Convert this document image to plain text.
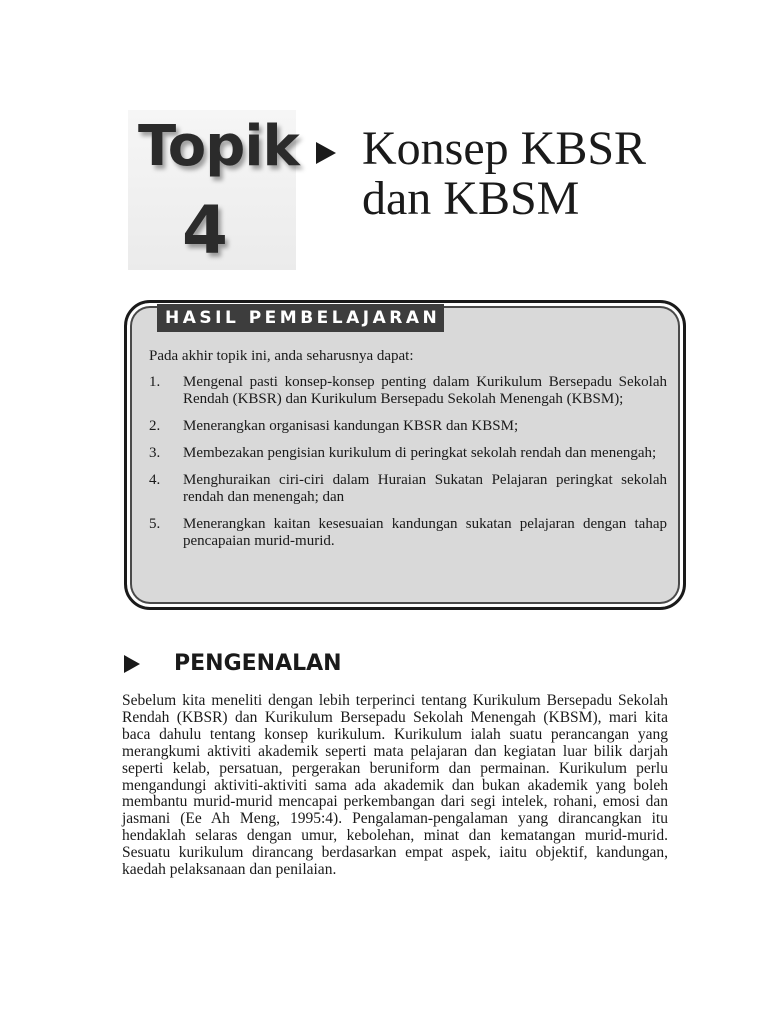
Topik
4
Konsep KBSR
dan KBSM
HASIL PEMBELAJARAN
Pada akhir topik ini, anda seharusnya dapat:
1.	Mengenal pasti konsep-konsep penting dalam Kurikulum Bersepadu Sekolah Rendah (KBSR) dan Kurikulum Bersepadu Sekolah Menengah (KBSM);
2.	Menerangkan organisasi kandungan KBSR dan KBSM;
3.	Membezakan pengisian kurikulum di peringkat sekolah rendah dan menengah;
4.	Menghuraikan ciri-ciri dalam Huraian Sukatan Pelajaran peringkat sekolah rendah dan menengah; dan
5.	Menerangkan kaitan kesesuaian kandungan sukatan pelajaran dengan tahap pencapaian murid-murid.
PENGENALAN
Sebelum kita meneliti dengan lebih terperinci tentang Kurikulum Bersepadu Sekolah Rendah (KBSR) dan Kurikulum Bersepadu Sekolah Menengah (KBSM), mari kita baca dahulu tentang konsep kurikulum. Kurikulum ialah suatu perancangan yang merangkumi aktiviti akademik seperti mata pelajaran dan kegiatan luar bilik darjah seperti kelab, persatuan, pergerakan beruniform dan permainan. Kurikulum perlu mengandungi aktiviti-aktiviti sama ada akademik dan bukan akademik yang boleh membantu murid-murid mencapai perkembangan dari segi intelek, rohani, emosi dan jasmani (Ee Ah Meng, 1995:4). Pengalaman-pengalaman yang dirancangkan itu hendaklah selaras dengan umur, kebolehan, minat dan kematangan murid-murid. Sesuatu kurikulum dirancang berdasarkan empat aspek, iaitu objektif, kandungan, kaedah pelaksanaan dan penilaian.
